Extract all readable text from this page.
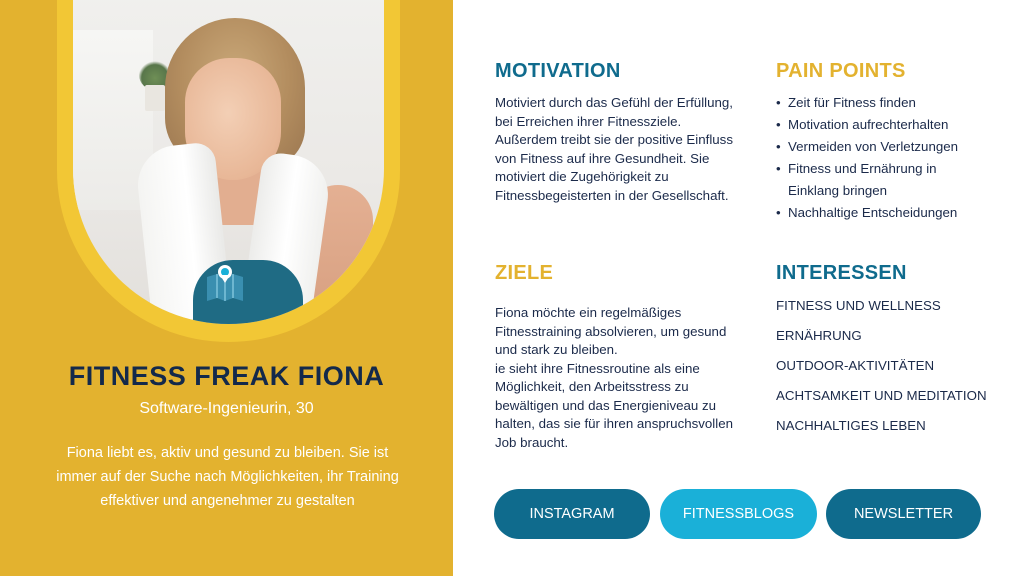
FITNESS FREAK FIONA
Software-Ingenieurin, 30
Fiona liebt es, aktiv und gesund zu bleiben. Sie ist immer auf der Suche nach Möglichkeiten, ihr Training effektiver und angenehmer zu gestalten
MOTIVATION
Motiviert durch das Gefühl der Erfüllung, bei Erreichen ihrer Fitnessziele. Außerdem treibt sie der positive Einfluss von Fitness auf ihre Gesundheit. Sie motiviert die Zugehörigkeit zu Fitnessbegeisterten in der Gesellschaft.
PAIN POINTS
• Zeit für Fitness finden
• Motivation aufrechterhalten
• Vermeiden von Verletzungen
• Fitness und Ernährung in Einklang bringen
• Nachhaltige Entscheidungen
ZIELE
Fiona möchte ein regelmäßiges Fitnesstraining absolvieren, um gesund und stark zu bleiben.
ie sieht ihre Fitnessroutine als eine Möglichkeit, den Arbeitsstress zu bewältigen und das Energieniveau zu halten, das sie für ihren anspruchsvollen Job braucht.
INTERESSEN
FITNESS UND WELLNESS
ERNÄHRUNG
OUTDOOR-AKTIVITÄTEN
ACHTSAMKEIT UND MEDITATION
NACHHALTIGES LEBEN
INSTAGRAM	FITNESSBLOGS	NEWSLETTER
